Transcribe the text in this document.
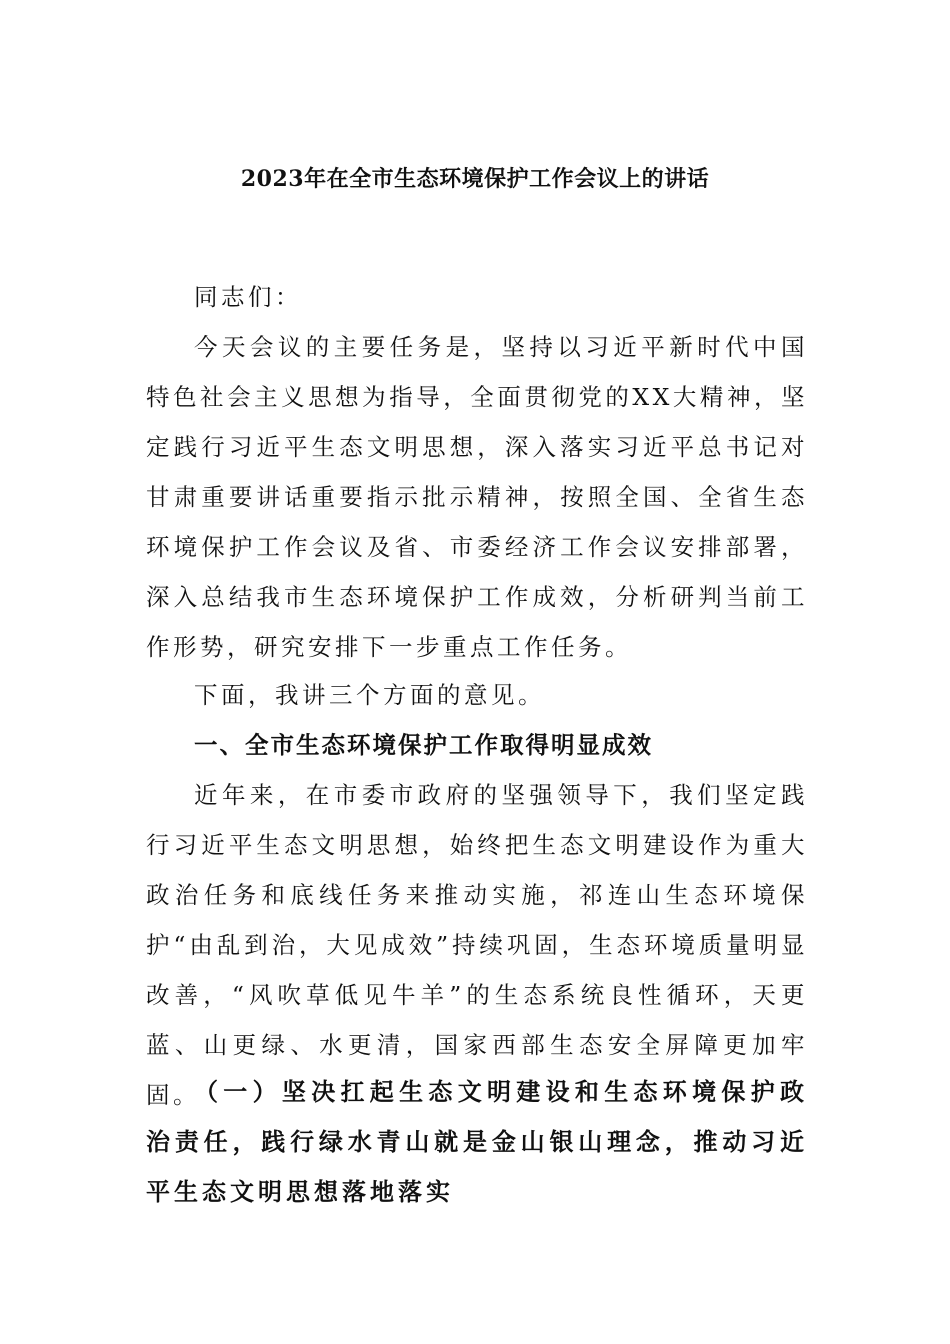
2023年在全市生态环境保护工作会议上的讲话
同志们：
今天会议的主要任务是，坚持以习近平新时代中国特色社会主义思想为指导，全面贯彻党的XX大精神，坚定践行习近平生态文明思想，深入落实习近平总书记对甘肃重要讲话重要指示批示精神，按照全国、全省生态环境保护工作会议及省、市委经济工作会议安排部署，深入总结我市生态环境保护工作成效，分析研判当前工作形势，研究安排下一步重点工作任务。
下面，我讲三个方面的意见。
一、全市生态环境保护工作取得明显成效
近年来，在市委市政府的坚强领导下，我们坚定践行习近平生态文明思想，始终把生态文明建设作为重大政治任务和底线任务来推动实施，祁连山生态环境保护“由乱到治，大见成效”持续巩固，生态环境质量明显改善，“风吹草低见牛羊”的生态系统良性循环，天更蓝、山更绿、水更清，国家西部生态安全屏障更加牢固。
（一）坚决扛起生态文明建设和生态环境保护政治责任，践行绿水青山就是金山银山理念，推动习近平生态文明思想落地落实
